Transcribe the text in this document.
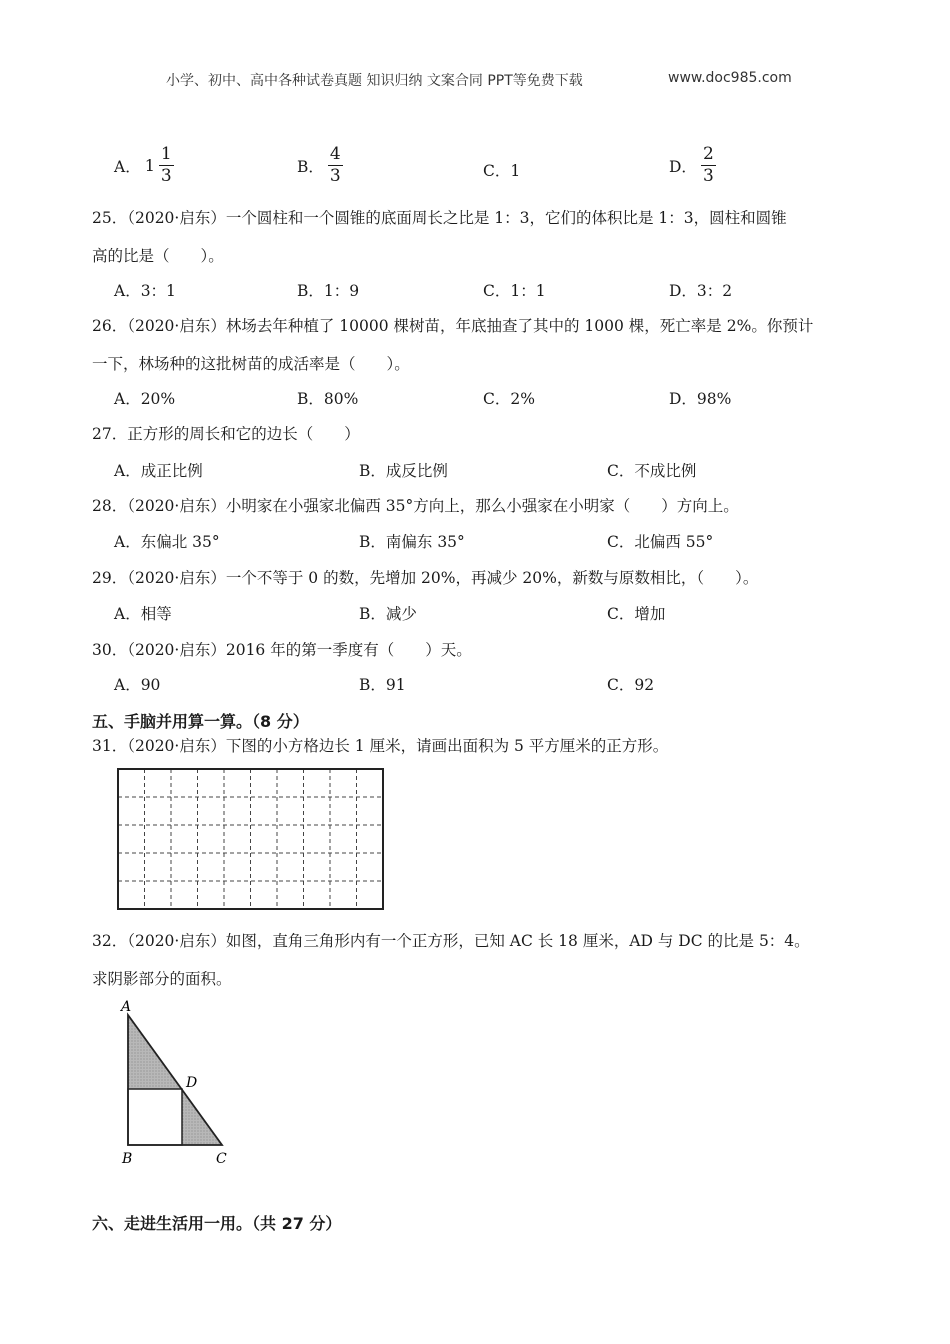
小学、初中、高中各种试卷真题 知识归纳 文案合同 PPT等免费下载	www.doc985.com
A． $1 \frac{1}{3}$	B． $\frac{4}{3}$	C．1	D． $\frac{2}{3}$
25．（2020·启东）一个圆柱和一个圆锥的底面周长之比是 1：3，它们的体积比是 1：3，圆柱和圆锥
高的比是（　　）。
A．3：1	B．1：9	C．1：1	D．3：2
26．（2020·启东）林场去年种植了 10000 棵树苗，年底抽查了其中的 1000 棵，死亡率是 2%。你预计
一下，林场种的这批树苗的成活率是（　　）。
A．20%	B．80%	C．2%	D．98%
27．正方形的周长和它的边长（　　）
A．成正比例	B．成反比例	C．不成比例
28．（2020·启东）小明家在小强家北偏西 35°方向上，那么小强家在小明家（　　）方向上。
A．东偏北 35°	B．南偏东 35°	C．北偏西 55°
29．（2020·启东）一个不等于 0 的数，先增加 20%，再减少 20%，新数与原数相比，（　　）。
A．相等	B．减少	C．增加
30．（2020·启东）2016 年的第一季度有（　　）天。
A．90	B．91	C．92
五、手脑并用算一算。（8 分）
31．（2020·启东）下图的小方格边长 1 厘米，请画出面积为 5 平方厘米的正方形。
32．（2020·启东）如图，直角三角形内有一个正方形，已知 AC 长 18 厘米，AD 与 DC 的比是 5：4。
求阴影部分的面积。
A
D
B	C
六、走进生活用一用。（共 27 分）
